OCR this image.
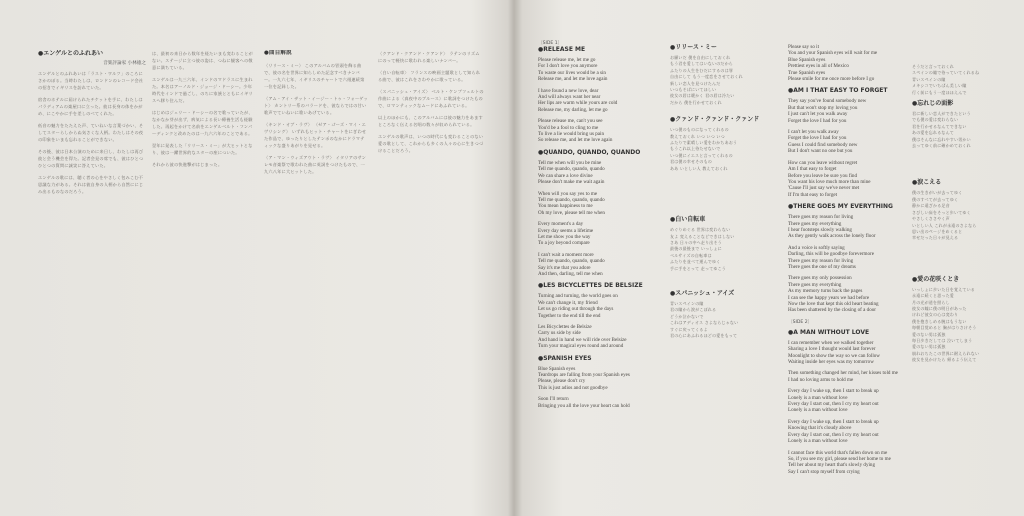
●エンゲルとのふれあい
音楽評論家 小林徳之

エンゲルとのふれあいは「ラスト・ワルツ」のころにさかのぼる。当時わたしは、ロンドンのレコード会社の招きでイギリスを訪れていた。

宿舎のホテルに届けられたチケットを手に、わたしはパラディアムの楽屋口に立った。彼は長身の体をかがめ、にこやかに手を差しのべてくれた。

低音の魅力をたたえた声、ていねいな言葉づかい、そしてスターらしからぬ気さくな人柄。わたしはその夜の印象をいまも忘れることができない。

その後、彼は日本公演のために来日し、わたしは再び彼と会う機会を得た。記者会見の席でも、彼はひとつひとつの質問に誠実に答えていた。

エンゲルの歌には、聴く者の心をやさしく包みこむ不思議な力がある。それは彼自身の人柄から自然ににじみ出るものなのだろう。

は、最初の来日から数年を経たいまも変わることがない。ステージに立つ彼の姿は、つねに観客への敬意に満ちている。

エンゲルは一九三六年、インドのマドラスに生まれた。本名はアーノルド・ジョージ・ドーシー。少年時代をインドで過ごし、のちに家族とともにイギリスへ移り住んだ。

はじめはジェリー・ドーシーの名で歌っていたが、なかなか芽が出ず、病気による長い療養生活も経験した。再起をかけて名前をエンゲルベルト・フンパーディンクと改めたのは一九六六年のことである。

翌年に発表した「リリース・ミー」が大ヒットとなり、彼は一躍世界的なスターの座についた。

それから彼の快進撃がはじまった。

●曲目解説

〈リリース・ミー〉 このアルバムの冒頭を飾る曲で、彼の名を世界に知らしめた記念すべきナンバー。一九六七年、イギリスのチャートで六週連続第一位を記録した。

〈アム・アイ・ザット・イージー・トゥ・フォーゲット〉 カントリー系のバラードを、彼ならではの甘い歌声でていねいに歌いあげている。

〈キンド・オブ・ラヴ〉 〈ゼア・ゴーズ・マイ・エヴリシング〉 いずれもヒット・チャートをにぎわせた作品で、ゆったりとしたテンポのなかにドラマティックな盛りあがりを見せる。

〈ア・マン・ウィズアウト・ラヴ〉 イタリアのサンレモ音楽祭で歌われた曲に英詞をつけたもので、一九六八年に大ヒットした。

〈クアンド・クアンド・クアンド〉 ラテンのリズムにのって軽快に歌われる楽しいナンバー。

〈白い自転車〉 フランスの映画主題歌として知られる曲で、彼はこれをさわやかに歌っている。

〈スパニッシュ・アイズ〉 ベルト・ケンプフェルトの作曲による〈真夜中のブルース〉に歌詞をつけたもので、ロマンティックなムードにあふれている。

以上のほかにも、このアルバムには彼の魅力をあますところなく伝える名唱の数々が収められている。

エンゲルの歌声は、いつの時代にも変わることのない愛の歌として、これからも多くの人々の心に生きつづけることだろう。

〔SIDE 1〕
●RELEASE ME
Please release me, let me go
For I don't love you anymore
To waste our lives would be a sin
Release me, and let me love again
I have found a new love, dear
And will always want her near
Her lips are warm while yours are cold
Release me, my darling, let me go
Please release me, can't you see
You'd be a fool to cling to me
To live a lie would bring us pain
So release me, and let me love again
●QUANDO, QUANDO, QUANDO
Tell me when will you be mine
Tell me quando, quando, quando
We can share a love divine
Please don't make me wait again
When will you say yes to me
Tell me quando, quando, quando
You mean happiness to me
Oh my love, please tell me when
Every moment's a day
Every day seems a lifetime
Let me show you the way
To a joy beyond compare
I can't wait a moment more
Tell me quando, quando, quando
Say it's me that you adore
And then, darling, tell me when
●LES BICYCLETTES DE BELSIZE
Turning and turning, the world goes on
We can't change it, my friend
Let us go riding out through the days
Together to the end till the end
Les Bicyclettes de Belsize
Carry us side by side
And hand in hand we will ride over Belsize
Turn your magical eyes round and around
●SPANISH EYES
Blue Spanish eyes
Teardrops are falling from your Spanish eyes
Please, please don't cry
This is just adios and not goodbye
Soon I'll return
Bringing you all the love your heart can hold
●リリース・ミー
お願いだ 僕を自由にしておくれ
もう君を愛してはいないのだから
ふたりの人生をむだにするのは罪
自由にして もう一度恋をさせておくれ
新しい恋人を見つけたんだ
いつもそばにいてほしい
彼女の唇は暖かく 君の唇は冷たい
だから 僕を行かせておくれ
●クァンド・クァンド・クァンド
いつ僕のものになってくれるの
教えておくれ いつ いつ いつ
ふたりで素晴しい愛をわかちあおう
もうこれ以上待たせないで
いつ僕にイエスと言ってくれるの
君は僕の幸せそのもの
ああ いとしい人 教えておくれ
●白い自転車
めぐりめぐる 世界は変わらない
友よ 変えることなどできはしない
さあ 日々の中へ走り出そう
最後の最後まで いっしょに
ベルサイズの自転車は
ふたりを並べて運んでゆく
手に手をとって 走ってゆこう
●スパニッシュ・アイズ
青いスペインの瞳
君の瞳から涙がこぼれる
どうか泣かないで
これはアディオス さよならじゃない
すぐに戻ってくるよ
君の心にあふれるほどの愛をもって
Please say so it
You and your Spanish eyes will wait for me
Blue Spanish eyes
Prettiest eyes in all of Mexico
True Spanish eyes
Please smile for me once more before I go
●AM I THAT EASY TO FORGET
They say you've found somebody new
But that won't stop my loving you
I just can't let you walk away
Forget the love I had for you
I can't let you walk away
Forget the love I had for you
Guess I could find somebody new
But I don't want no one but you
How can you leave without regret
Am I that easy to forget
Before you leave be sure you find
You want his love much more than mine
'Cause I'll just say we've never met
If I'm that easy to forget
●THERE GOES MY EVERYTHING
There goes my reason for living
There goes my everything
I hear footsteps slowly walking
As they gently walk across the lonely floor
And a voice is softly saying
Darling, this will be goodbye forevermore
There goes my reason for living
There goes the one of my dreams
There goes my only possession
There goes my everything
As my memory turns back the pages
I can see the happy years we had before
Now the love that kept this old heart beating
Has been shattered by the closing of a door
〔SIDE 2〕
●A MAN WITHOUT LOVE
I can remember when we walked together
Sharing a love I thought would last forever
Moonlight to show the way so we can follow
Waiting inside her eyes was my tomorrow
Then something changed her mind, her kisses told me
I had no loving arms to hold me
Every day I wake up, then I start to break up
Lonely is a man without love
Every day I start out, then I cry my heart out
Lonely is a man without love
Every day I wake up, then I start to break up
Knowing that it's cloudy above
Every day I start out, then I cry my heart out
Lonely is a man without love
I cannot face this world that's fallen down on me
So, if you see my girl, please send her home to me
Tell her about my heart that's slowly dying
Say I can't stop myself from crying
そうだと言っておくれ
スペインの瞳で待っていてくれるね
青いスペインの瞳
メキシコでいちばん美しい瞳
行く前にもう一度ほほえんで
●忘れじの面影
君に新しい恋人ができたという
でも僕の愛は変わらない
君を行かせるなんてできない
あの愛を忘れるなんて
僕はそんなに忘れやすい男かい
去ってゆく前に確かめておくれ
●涙こえる
僕の生きがいが去ってゆく
僕のすべてが去ってゆく
静かに遠ざかる足音
さびしい床をそっと歩いてゆく
やさしくささやく声
いとしい人 これが永遠のさよなら
思い出のページをめくると
幸せだった日々が見える
●愛の花咲くとき
いっしょに歩いた日を覚えている
永遠に続くと思った愛
月の光が道を照らし
彼女の瞳に僕の明日があった
けれど彼女の心は変わり
僕を抱きしめる腕はもうない
毎朝目覚めると 胸がはりさけそう
愛のない男は孤独
毎日歩きだしては 泣いてしまう
愛のない男は孤独
崩れおちたこの世界に耐えられない
彼女を見かけたら 帰るよう伝えて
